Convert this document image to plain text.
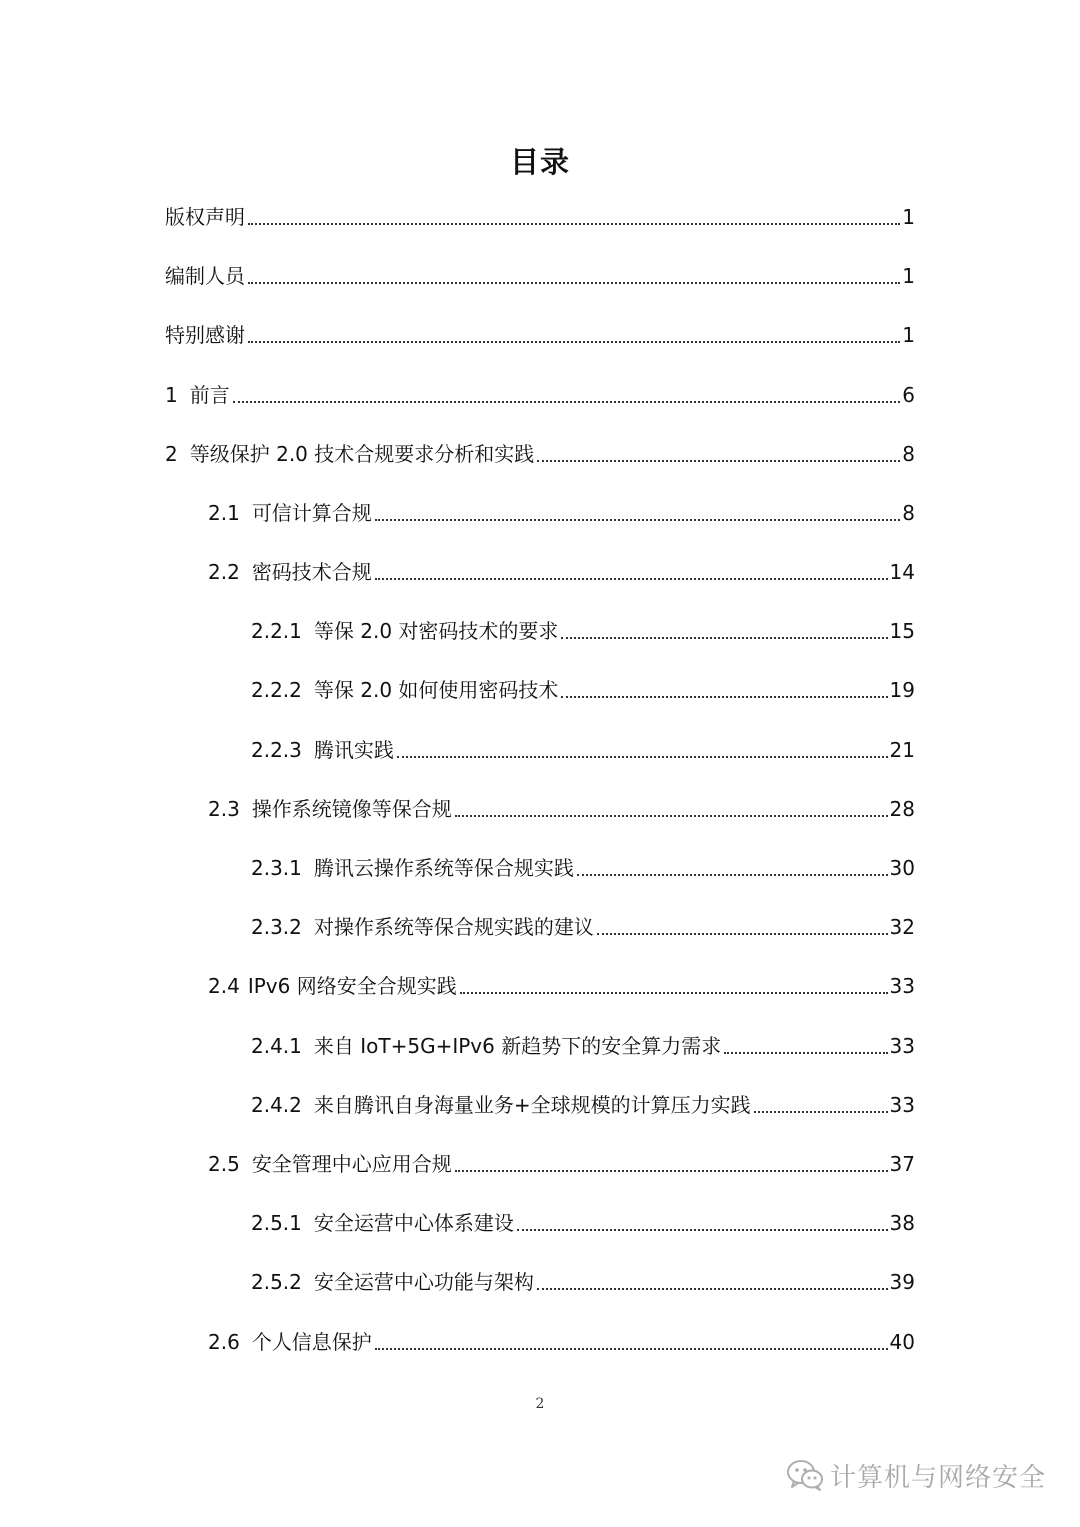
目录
版权声明	1
编制人员	1
特别感谢	1
1 前言	6
2 等级保护 2.0 技术合规要求分析和实践	8
2.1 可信计算合规	8
2.2 密码技术合规	14
2.2.1 等保 2.0 对密码技术的要求	15
2.2.2 等保 2.0 如何使用密码技术	19
2.2.3 腾讯实践	21
2.3 操作系统镜像等保合规	28
2.3.1 腾讯云操作系统等保合规实践	30
2.3.2 对操作系统等保合规实践的建议	32
2.4 IPv6 网络安全合规实践	33
2.4.1 来自 IoT+5G+IPv6 新趋势下的安全算力需求	33
2.4.2 来自腾讯自身海量业务+全球规模的计算压力实践	33
2.5 安全管理中心应用合规	37
2.5.1 安全运营中心体系建设	38
2.5.2 安全运营中心功能与架构	39
2.6 个人信息保护	40
2
计算机与网络安全
